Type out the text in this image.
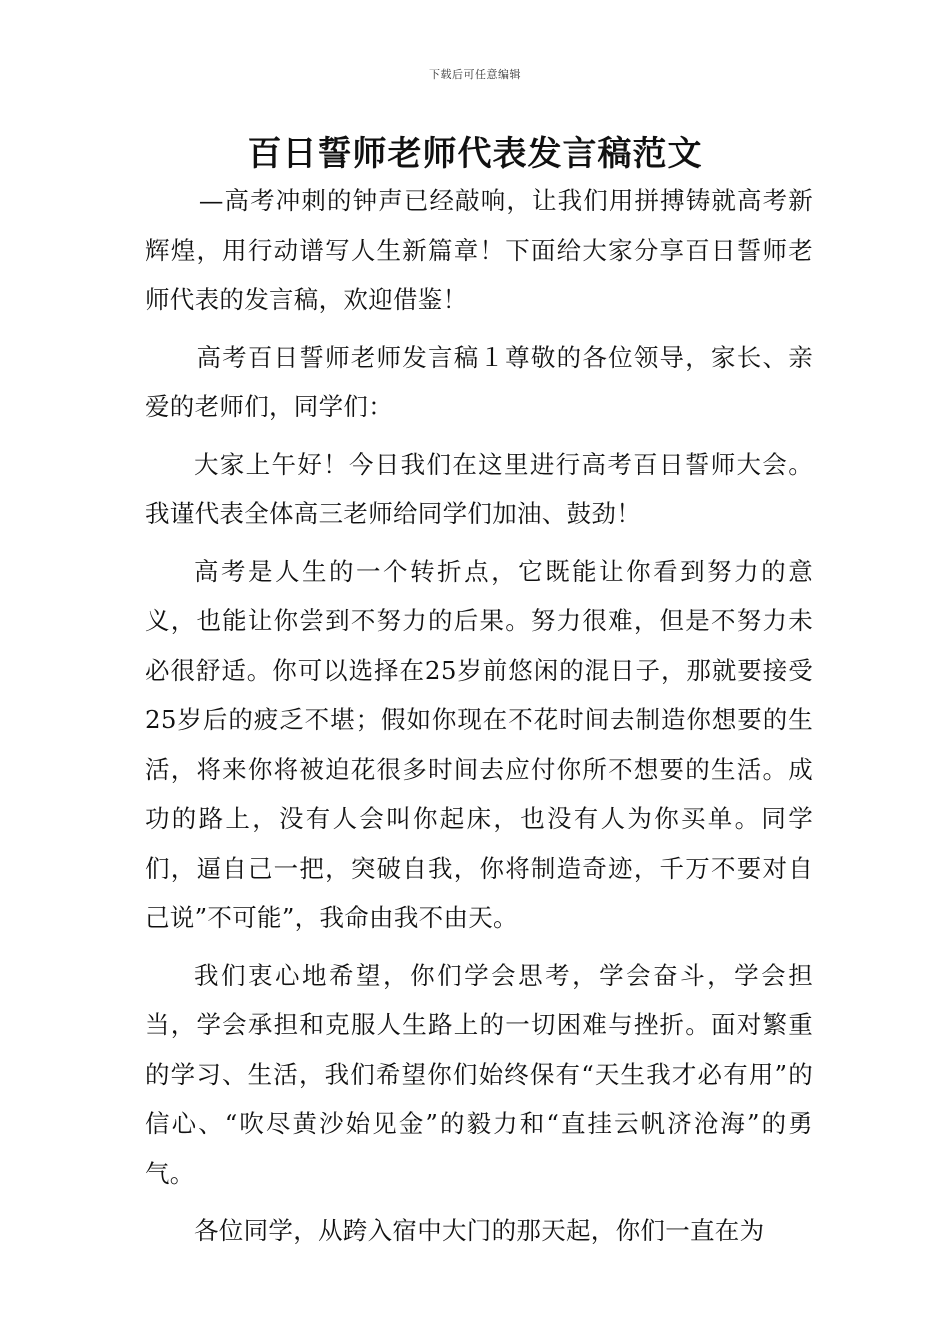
下载后可任意编辑
百日誓师老师代表发言稿范文

—高考冲刺的钟声已经敲响，让我们用拼搏铸就高考新辉煌，用行动谱写人生新篇章！下面给大家分享百日誓师老师代表的发言稿，欢迎借鉴！

高考百日誓师老师发言稿１尊敬的各位领导，家长、亲爱的老师们，同学们：

大家上午好！今日我们在这里进行高考百日誓师大会。我谨代表全体高三老师给同学们加油、鼓劲！

高考是人生的一个转折点，它既能让你看到努力的意义，也能让你尝到不努力的后果。努力很难，但是不努力未必很舒适。你可以选择在25岁前悠闲的混日子，那就要接受25岁后的疲乏不堪；假如你现在不花时间去制造你想要的生活，将来你将被迫花很多时间去应付你所不想要的生活。成功的路上，没有人会叫你起床，也没有人为你买单。同学们，逼自己一把，突破自我，你将制造奇迹，千万不要对自己说”不可能”，我命由我不由天。

我们衷心地希望，你们学会思考，学会奋斗，学会担当，学会承担和克服人生路上的一切困难与挫折。面对繁重的学习、生活，我们希望你们始终保有“天生我才必有用”的信心、“吹尽黄沙始见金”的毅力和“直挂云帆济沧海”的勇气。

各位同学，从跨入宿中大门的那天起，你们一直在为
